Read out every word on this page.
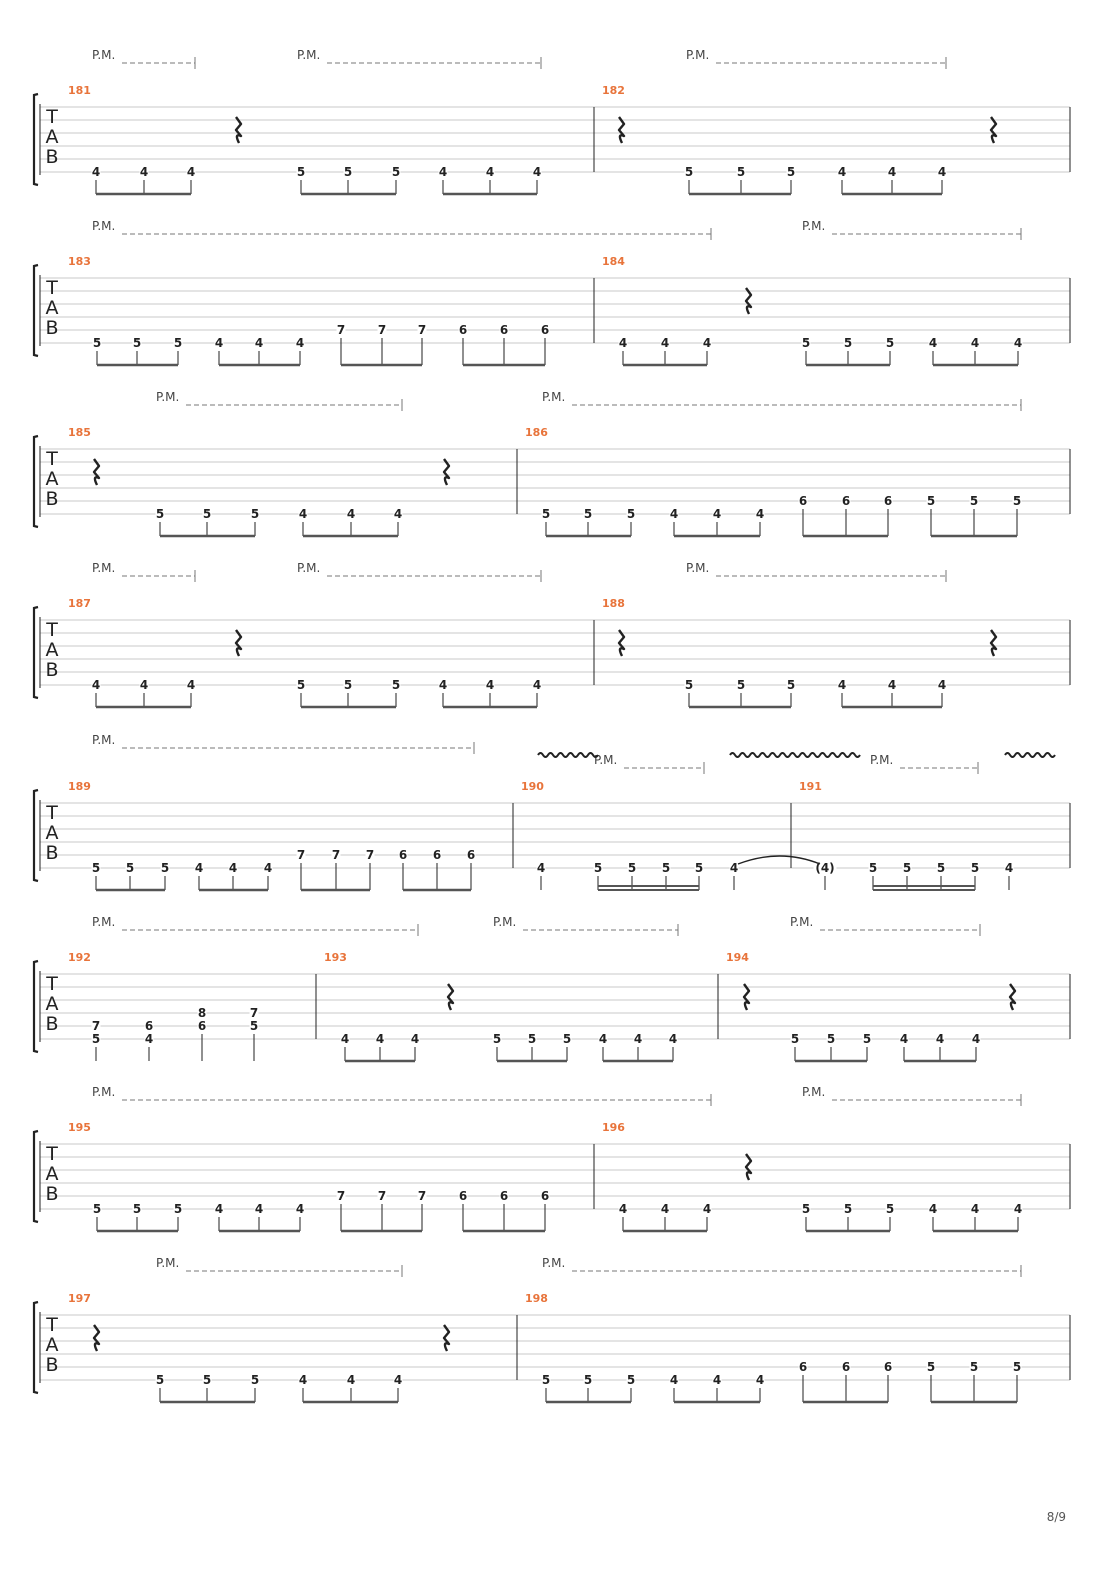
T
A
B
P.M.	P.M.	P.M.
181
4	4	4	5	5	5	4	4	4
182
5	5	5	4	4	4
T
A
B
P.M.	P.M.
183
5	5	5	4	4	4
7	7	7	6	6	6
184
4	4	4	5	5	5	4	4	4
T
A
B
P.M.	P.M.
185
5	5	5	4	4	4
186
5	5	5	4	4	4
6	6	6	5	5	5
T
A
B
P.M.	P.M.	P.M.
187
4	4	4	5	5	5	4	4	4
188
5	5	5	4	4	4
T
A
B
P.M.
P.M.	P.M.
189
5 5 5 4 4 4
7 7 7 6 6 6
190
4	5 5 5 5 4
191
(4)	5 5 5 5 4
T
A
B
P.M.	P.M.	P.M.
192
7
5
6
4
8
6
7
5
193
4 4 4	5 5 5 4 4 4
194
5 5 5 4 4 4
T
A
B
P.M.	P.M.
195
5	5	5	4	4	4
7	7	7	6	6	6
196
4	4	4	5	5	5	4	4	4
T
A
B
P.M.	P.M.
197
5	5	5	4	4	4
198
5	5	5	4	4	4
6	6	6	5	5	5
8/9
